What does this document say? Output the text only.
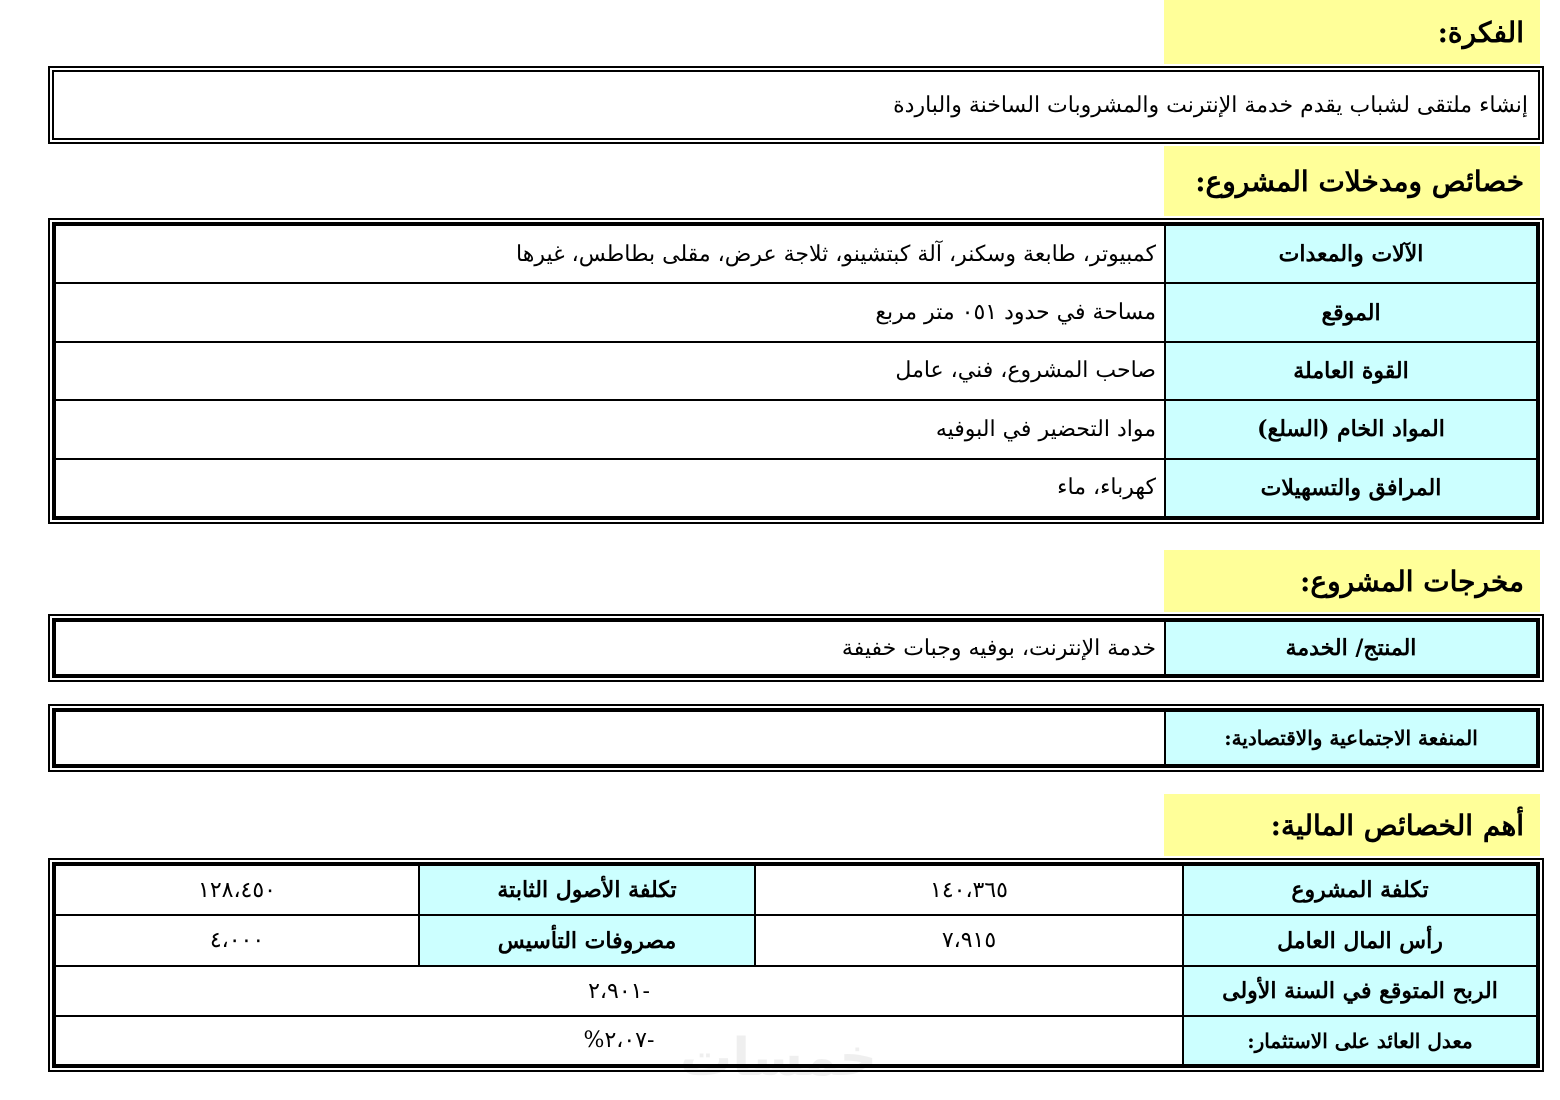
الفكرة:
إنشاء ملتقى لشباب يقدم خدمة الإنترنت والمشروبات الساخنة والباردة
خصائص ومدخلات المشروع:
الآلات والمعدات	كمبيوتر، طابعة وسكنر، آلة كبتشينو، ثلاجة عرض، مقلى بطاطس، غيرها
الموقع	مساحة في حدود ٠٥١ متر مربع
القوة العاملة	صاحب المشروع، فني، عامل
المواد الخام (السلع)	مواد التحضير في البوفيه
المرافق والتسهيلات	كهرباء، ماء
مخرجات المشروع:
المنتج/ الخدمة	خدمة الإنترنت، بوفيه وجبات خفيفة
المنفعة الاجتماعية والاقتصادية:	
أهم الخصائص المالية:
تكلفة المشروع	١٤٠،٣٦٥	تكلفة الأصول الثابتة	١٢٨،٤٥٠
رأس المال العامل	٧،٩١٥	مصروفات التأسيس	٤،٠٠٠
الربح المتوقع في السنة الأولى	-٢،٩٠١		
معدل العائد على الاستثمار:	-٢،٠٧%		خمسات
